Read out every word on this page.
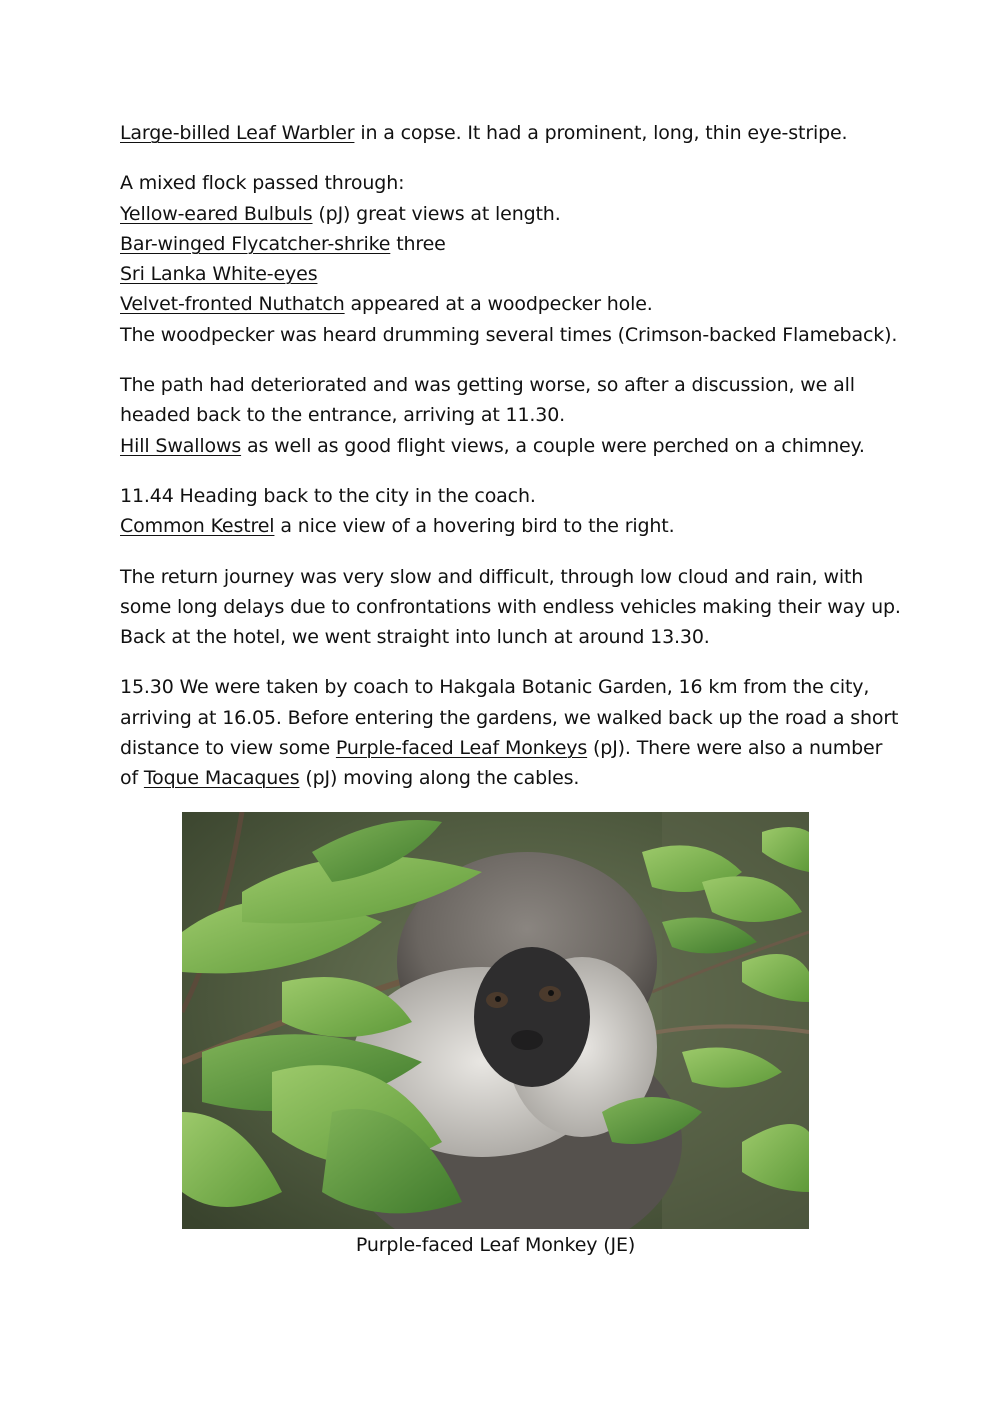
Large-billed Leaf Warbler in a copse. It had a prominent, long, thin eye-stripe.

A mixed flock passed through:
Yellow-eared Bulbuls (pJ) great views at length.
Bar-winged Flycatcher-shrike three
Sri Lanka White-eyes
Velvet-fronted Nuthatch appeared at a woodpecker hole.
The woodpecker was heard drumming several times (Crimson-backed Flameback).

The path had deteriorated and was getting worse, so after a discussion, we all
headed back to the entrance, arriving at 11.30.
Hill Swallows as well as good flight views, a couple were perched on a chimney.

11.44 Heading back to the city in the coach.
Common Kestrel a nice view of a hovering bird to the right.

The return journey was very slow and difficult, through low cloud and rain, with
some long delays due to confrontations with endless vehicles making their way up.
Back at the hotel, we went straight into lunch at around 13.30.

15.30 We were taken by coach to Hakgala Botanic Garden, 16 km from the city,
arriving at 16.05. Before entering the gardens, we walked back up the road a short
distance to view some Purple-faced Leaf Monkeys (pJ). There were also a number
of Toque Macaques (pJ) moving along the cables.

Purple-faced Leaf Monkey (JE)
